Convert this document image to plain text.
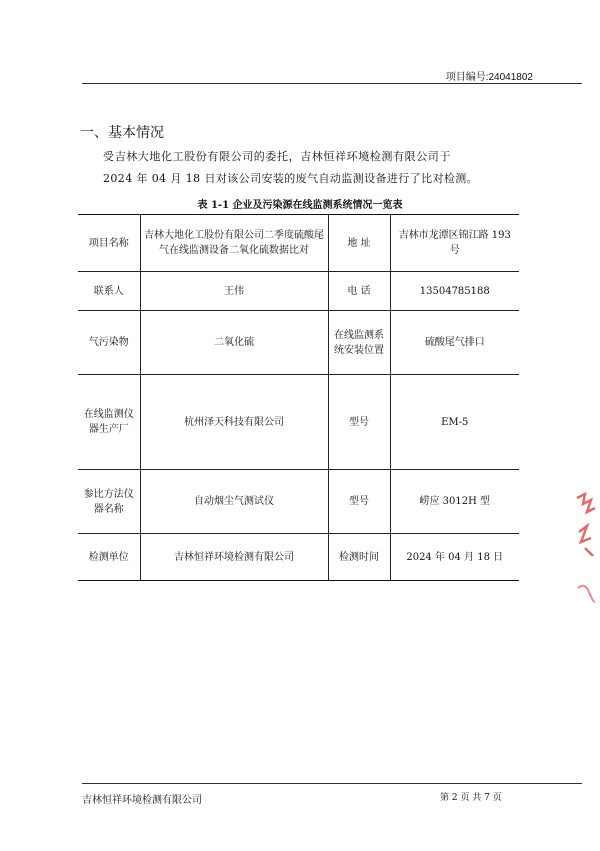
项目编号:24041802
一、基本情况
受吉林大地化工股份有限公司的委托，吉林恒祥环境检测有限公司于
2024 年 04 月 18 日对该公司安装的废气自动监测设备进行了比对检测。
表 1-1 企业及污染源在线监测系统情况一览表
项目名称	吉林大地化工股份有限公司二季度硫酸尾气在线监测设备二氧化硫数据比对	地 址	吉林市龙潭区锦江路 193 号
联系人	王伟	电 话	13504785188
气污染物	二氧化硫	在线监测系统安装位置	硫酸尾气排口
在线监测仪器生产厂	杭州泽天科技有限公司	型号	EM-5
参比方法仪器名称	自动烟尘气测试仪	型号	崂应 3012H 型
检测单位	吉林恒祥环境检测有限公司	检测时间	2024 年 04 月 18 日
吉林恒祥环境检测有限公司	第 2 页 共 7 页
